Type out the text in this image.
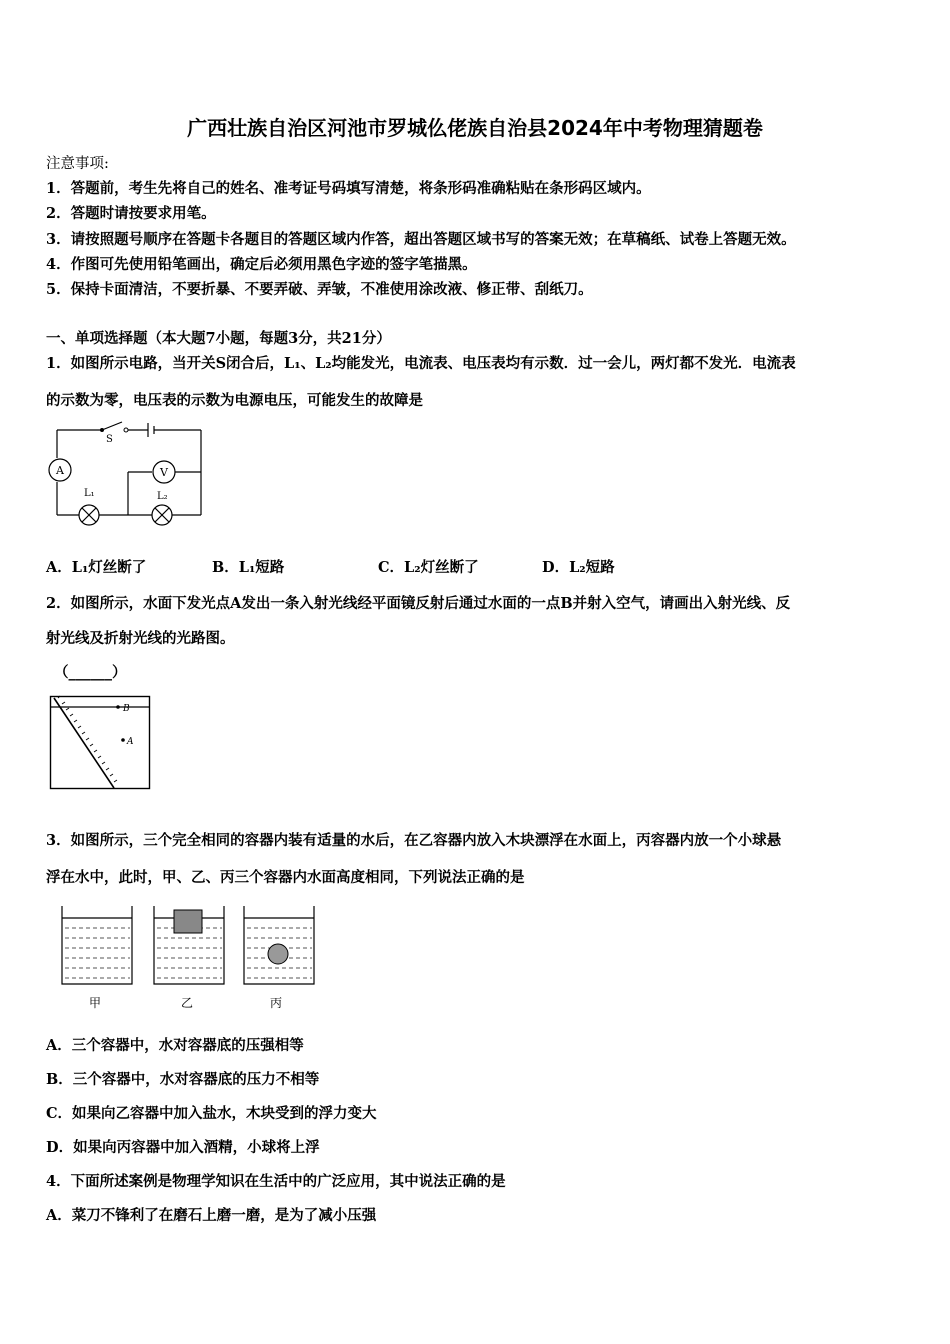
广西壮族自治区河池市罗城仫佬族自治县2024年中考物理猜题卷
注意事项:
1．答题前，考生先将自己的姓名、准考证号码填写清楚，将条形码准确粘贴在条形码区域内。
2．答题时请按要求用笔。
3．请按照题号顺序在答题卡各题目的答题区域内作答，超出答题区域书写的答案无效；在草稿纸、试卷上答题无效。
4．作图可先使用铅笔画出，确定后必须用黑色字迹的签字笔描黑。
5．保持卡面清洁，不要折暴、不要弄破、弄皱，不准使用涂改液、修正带、刮纸刀。
一、单项选择题（本大题7小题，每题3分，共21分）
1．如图所示电路，当开关S闭合后，L₁、L₂均能发光，电流表、电压表均有示数．过一会儿，两灯都不发光．电流表
的示数为零，电压表的示数为电源电压，可能发生的故障是
S
A	V
L₁	L₂
A．L₁灯丝断了	B．L₁短路	C．L₂灯丝断了	D．L₂短路
2．如图所示，水面下发光点A发出一条入射光线经平面镜反射后通过水面的一点B并射入空气，请画出入射光线、反
射光线及折射光线的光路图。
（______）
B
A
3．如图所示，三个完全相同的容器内装有适量的水后，在乙容器内放入木块漂浮在水面上，丙容器内放一个小球悬
浮在水中，此时，甲、乙、丙三个容器内水面高度相同，下列说法正确的是
甲	乙	丙
A．三个容器中，水对容器底的压强相等
B．三个容器中，水对容器底的压力不相等
C．如果向乙容器中加入盐水，木块受到的浮力变大
D．如果向丙容器中加入酒精，小球将上浮
4．下面所述案例是物理学知识在生活中的广泛应用，其中说法正确的是
A．菜刀不锋利了在磨石上磨一磨，是为了减小压强
